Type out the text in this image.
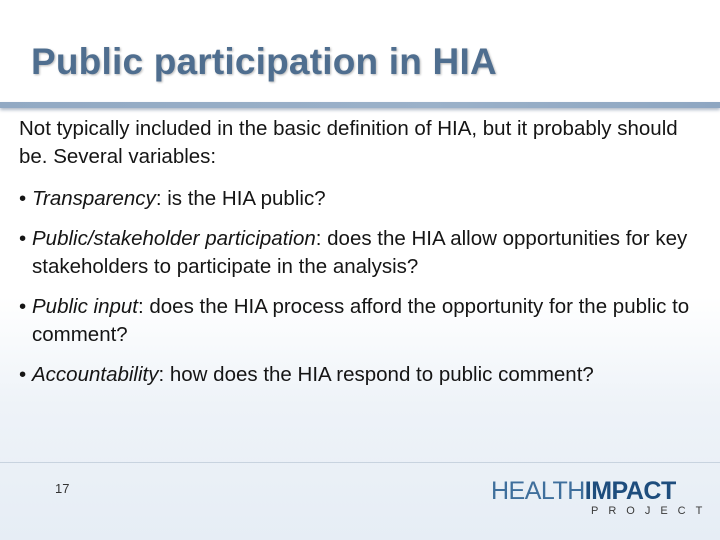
Public participation in HIA

Not typically included in the basic definition of HIA, but it probably should be. Several variables:

• Transparency: is the HIA public?

• Public/stakeholder participation: does the HIA allow opportunities for key stakeholders to participate in the analysis?

• Public input: does the HIA process afford the opportunity for the public to comment?

• Accountability: how does the HIA respond to public comment?

17	HEALTHIMPACT
PROJECT
